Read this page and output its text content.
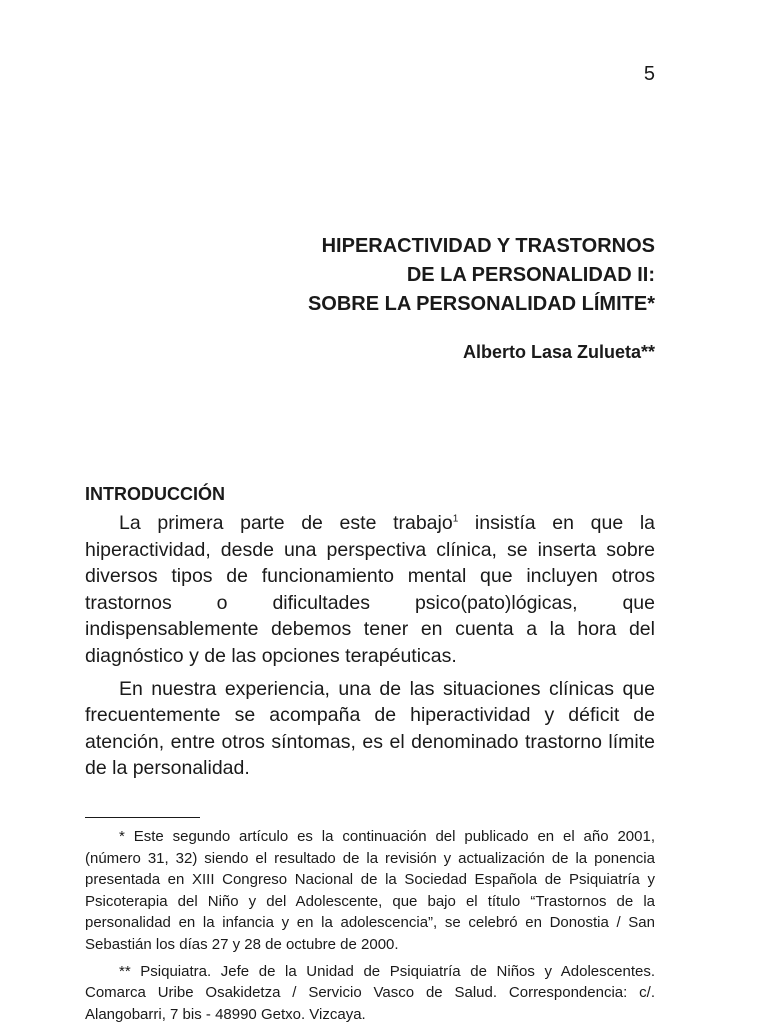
5
HIPERACTIVIDAD Y TRASTORNOS
DE LA PERSONALIDAD II:
SOBRE LA PERSONALIDAD LÍMITE*
Alberto Lasa Zulueta**
INTRODUCCIÓN

La primera parte de este trabajo$^1$ insistía en que la hiperactividad, desde una perspectiva clínica, se inserta sobre diversos tipos de funcionamiento mental que incluyen otros trastornos o dificultades psico(pato)lógicas, que indispensablemente debemos tener en cuenta a la hora del diagnóstico y de las opciones terapéuticas.

En nuestra experiencia, una de las situaciones clínicas que frecuentemente se acompaña de hiperactividad y déficit de atención, entre otros síntomas, es el denominado trastorno límite de la personalidad.

* Este segundo artículo es la continuación del publicado en el año 2001, (número 31, 32) siendo el resultado de la revisión y actualización de la ponencia presentada en XIII Congreso Nacional de la Sociedad Española de Psiquiatría y Psicoterapia del Niño y del Adolescente, que bajo el título “Trastornos de la personalidad en la infancia y en la adolescencia”, se celebró en Donostia / San Sebastián los días 27 y 28 de octubre de 2000.

** Psiquiatra. Jefe de la Unidad de Psiquiatría de Niños y Adolescentes. Comarca Uribe Osakidetza / Servicio Vasco de Salud. Correspondencia: c/. Alangobarri, 7 bis - 48990 Getxo. Vizcaya.
